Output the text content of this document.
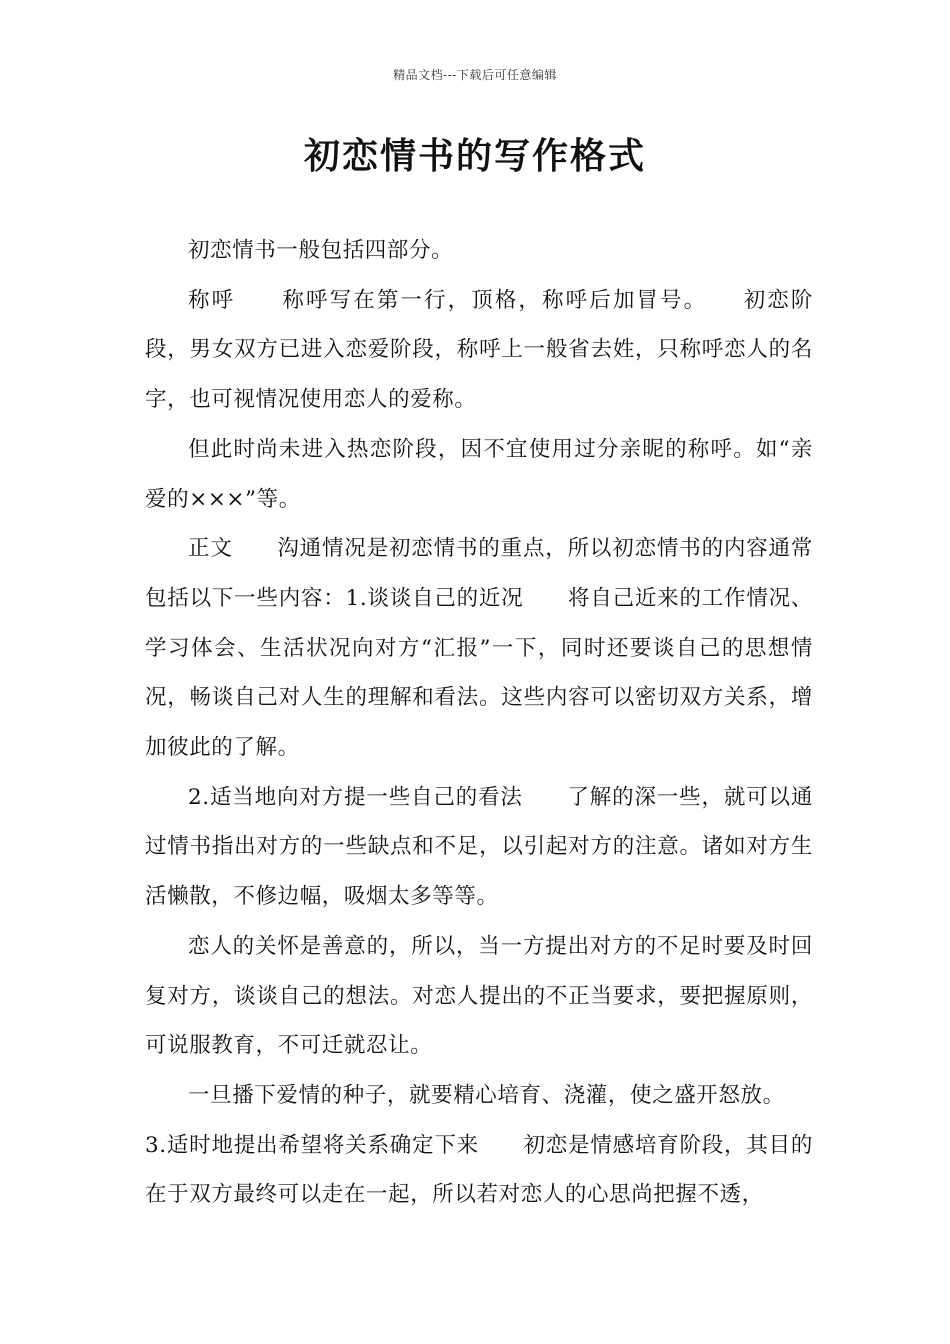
精品文档---下载后可任意编辑
初恋情书的写作格式

初恋情书一般包括四部分。

称呼　　称呼写在第一行，顶格，称呼后加冒号。　　初恋阶段，男女双方已进入恋爱阶段，称呼上一般省去姓，只称呼恋人的名字，也可视情况使用恋人的爱称。

但此时尚未进入热恋阶段，因不宜使用过分亲昵的称呼。如“亲爱的×××”等。

正文　　沟通情况是初恋情书的重点，所以初恋情书的内容通常包括以下一些内容：1.谈谈自己的近况　　将自己近来的工作情况、学习体会、生活状况向对方“汇报”一下，同时还要谈自己的思想情况，畅谈自己对人生的理解和看法。这些内容可以密切双方关系，增加彼此的了解。

2.适当地向对方提一些自己的看法　　了解的深一些，就可以通过情书指出对方的一些缺点和不足，以引起对方的注意。诸如对方生活懒散，不修边幅，吸烟太多等等。

恋人的关怀是善意的，所以，当一方提出对方的不足时要及时回复对方，谈谈自己的想法。对恋人提出的不正当要求，要把握原则，可说服教育，不可迁就忍让。

一旦播下爱情的种子，就要精心培育、浇灌，使之盛开怒放。

3.适时地提出希望将关系确定下来　　初恋是情感培育阶段，其目的在于双方最终可以走在一起，所以若对恋人的心思尚把握不透，
